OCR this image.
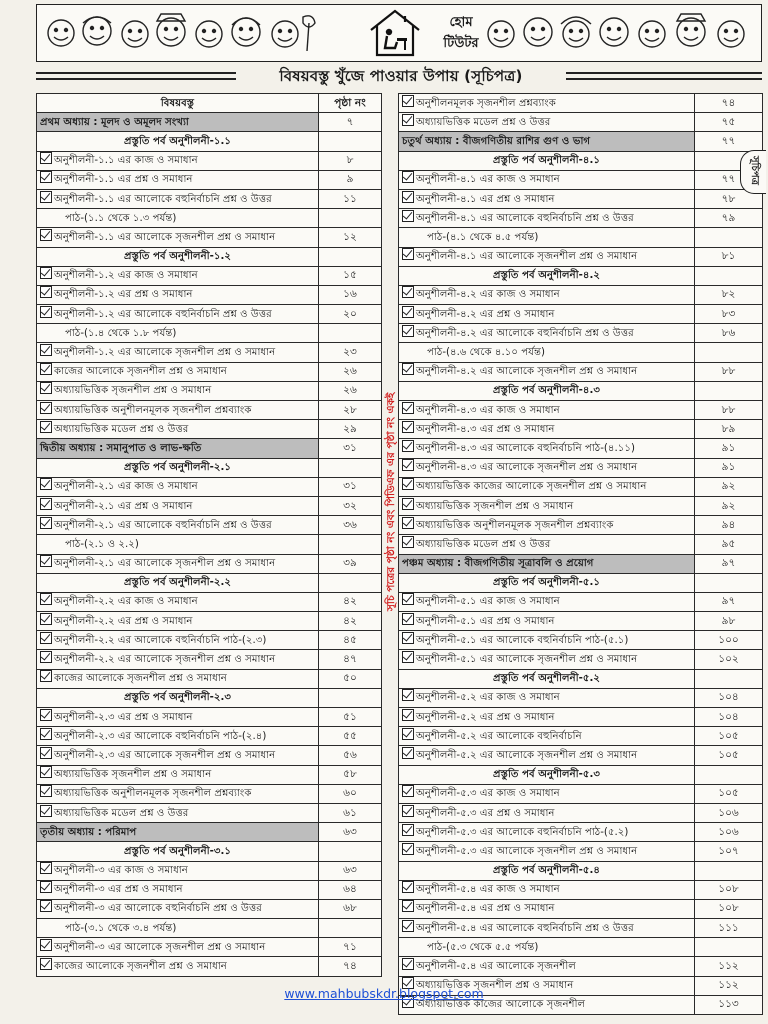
হোম
টিউটর
বিষয়বস্তু খুঁজে পাওয়ার উপায় (সূচিপত্র)
বিষয়বস্তু	পৃষ্ঠা নং
প্রথম অধ্যায় : মূলদ ও অমূলদ সংখ্যা	৭
প্রস্তুতি পর্ব অনুশীলনী-১.১	
অনুশীলনী-১.১ এর কাজ ও সমাধান	৮
অনুশীলনী-১.১ এর প্রশ্ন ও সমাধান	৯
অনুশীলনী-১.১ এর আলোকে বহুনির্বাচনি প্রশ্ন ও উত্তর	১১
পাঠ-(১.১ থেকে ১.৩ পর্যন্ত)	
অনুশীলনী-১.১ এর আলোকে সৃজনশীল প্রশ্ন ও সমাধান	১২
প্রস্তুতি পর্ব অনুশীলনী-১.২	
অনুশীলনী-১.২ এর কাজ ও সমাধান	১৫
অনুশীলনী-১.২ এর প্রশ্ন ও সমাধান	১৬
অনুশীলনী-১.২ এর আলোকে বহুনির্বাচনি প্রশ্ন ও উত্তর	২০
পাঠ-(১.৪ থেকে ১.৮ পর্যন্ত)	
অনুশীলনী-১.২ এর আলোকে সৃজনশীল প্রশ্ন ও সমাধান	২৩
কাজের আলোকে সৃজনশীল প্রশ্ন ও সমাধান	২৬
অধ্যায়ভিত্তিক সৃজনশীল প্রশ্ন ও সমাধান	২৬
অধ্যায়ভিত্তিক অনুশীলনমূলক সৃজনশীল প্রশ্নব্যাংক	২৮
অধ্যায়ভিত্তিক মডেল প্রশ্ন ও উত্তর	২৯
দ্বিতীয় অধ্যায় : সমানুপাত ও লাভ-ক্ষতি	৩১
প্রস্তুতি পর্ব অনুশীলনী-২.১	
অনুশীলনী-২.১ এর কাজ ও সমাধান	৩১
অনুশীলনী-২.১ এর প্রশ্ন ও সমাধান	৩২
অনুশীলনী-২.১ এর আলোকে বহুনির্বাচনি প্রশ্ন ও উত্তর	৩৬
পাঠ-(২.১ ও ২.২)	
অনুশীলনী-২.১ এর আলোকে সৃজনশীল প্রশ্ন ও সমাধান	৩৯
প্রস্তুতি পর্ব অনুশীলনী-২.২	
অনুশীলনী-২.২ এর কাজ ও সমাধান	৪২
অনুশীলনী-২.২ এর প্রশ্ন ও সমাধান	৪২
অনুশীলনী-২.২ এর আলোকে বহুনির্বাচনি পাঠ-(২.৩)	৪৫
অনুশীলনী-২.২ এর আলোকে সৃজনশীল প্রশ্ন ও সমাধান	৪৭
কাজের আলোকে সৃজনশীল প্রশ্ন ও সমাধান	৫০
প্রস্তুতি পর্ব অনুশীলনী-২.৩	
অনুশীলনী-২.৩ এর প্রশ্ন ও সমাধান	৫১
অনুশীলনী-২.৩ এর আলোকে বহুনির্বাচনি পাঠ-(২.৪)	৫৫
অনুশীলনী-২.৩ এর আলোকে সৃজনশীল প্রশ্ন ও সমাধান	৫৬
অধ্যায়ভিত্তিক সৃজনশীল প্রশ্ন ও সমাধান	৫৮
অধ্যায়ভিত্তিক অনুশীলনমূলক সৃজনশীল প্রশ্নব্যাংক	৬০
অধ্যায়ভিত্তিক মডেল প্রশ্ন ও উত্তর	৬১
তৃতীয় অধ্যায় : পরিমাপ	৬৩
প্রস্তুতি পর্ব অনুশীলনী-৩.১	
অনুশীলনী-৩ এর কাজ ও সমাধান	৬৩
অনুশীলনী-৩ এর প্রশ্ন ও সমাধান	৬৪
অনুশীলনী-৩ এর আলোকে বহুনির্বাচনি প্রশ্ন ও উত্তর	৬৮
পাঠ-(৩.১ থেকে ৩.৪ পর্যন্ত)	
অনুশীলনী-৩ এর আলোকে সৃজনশীল প্রশ্ন ও সমাধান	৭১
কাজের আলোকে সৃজনশীল প্রশ্ন ও সমাধান	৭৪
সূচি পত্রের পৃষ্ঠা নং এবং পিডিএফ এর পৃষ্ঠা নং একই
অনুশীলনমূলক সৃজনশীল প্রশ্নব্যাংক	৭৪
অধ্যায়ভিত্তিক মডেল প্রশ্ন ও উত্তর	৭৫
চতুর্থ অধ্যায় : বীজগণিতীয় রাশির গুণ ও ভাগ	৭৭
প্রস্তুতি পর্ব অনুশীলনী-৪.১	
অনুশীলনী-৪.১ এর কাজ ও সমাধান	৭৭
অনুশীলনী-৪.১ এর প্রশ্ন ও সমাধান	৭৮
অনুশীলনী-৪.১ এর আলোকে বহুনির্বাচনি প্রশ্ন ও উত্তর	৭৯
পাঠ-(৪.১ থেকে ৪.৫ পর্যন্ত)	
অনুশীলনী-৪.১ এর আলোকে সৃজনশীল প্রশ্ন ও সমাধান	৮১
প্রস্তুতি পর্ব অনুশীলনী-৪.২	
অনুশীলনী-৪.২ এর কাজ ও সমাধান	৮২
অনুশীলনী-৪.২ এর প্রশ্ন ও সমাধান	৮৩
অনুশীলনী-৪.২ এর আলোকে বহুনির্বাচনি প্রশ্ন ও উত্তর	৮৬
পাঠ-(৪.৬ থেকে ৪.১০ পর্যন্ত)	
অনুশীলনী-৪.২ এর আলোকে সৃজনশীল প্রশ্ন ও সমাধান	৮৮
প্রস্তুতি পর্ব অনুশীলনী-৪.৩	
অনুশীলনী-৪.৩ এর কাজ ও সমাধান	৮৮
অনুশীলনী-৪.৩ এর প্রশ্ন ও সমাধান	৮৯
অনুশীলনী-৪.৩ এর আলোকে বহুনির্বাচনি পাঠ-(৪.১১)	৯১
অনুশীলনী-৪.৩ এর আলোকে সৃজনশীল প্রশ্ন ও সমাধান	৯১
অধ্যায়ভিত্তিক কাজের আলোকে সৃজনশীল প্রশ্ন ও সমাধান	৯২
অধ্যায়ভিত্তিক সৃজনশীল প্রশ্ন ও সমাধান	৯২
অধ্যায়ভিত্তিক অনুশীলনমূলক সৃজনশীল প্রশ্নব্যাংক	৯৪
অধ্যায়ভিত্তিক মডেল প্রশ্ন ও উত্তর	৯৫
পঞ্চম অধ্যায় : বীজগণিতীয় সূত্রাবলি ও প্রয়োগ	৯৭
প্রস্তুতি পর্ব অনুশীলনী-৫.১	
অনুশীলনী-৫.১ এর কাজ ও সমাধান	৯৭
অনুশীলনী-৫.১ এর প্রশ্ন ও সমাধান	৯৮
অনুশীলনী-৫.১ এর আলোকে বহুনির্বাচনি পাঠ-(৫.১)	১০০
অনুশীলনী-৫.১ এর আলোকে সৃজনশীল প্রশ্ন ও সমাধান	১০২
প্রস্তুতি পর্ব অনুশীলনী-৫.২	
অনুশীলনী-৫.২ এর কাজ ও সমাধান	১০৪
অনুশীলনী-৫.২ এর প্রশ্ন ও সমাধান	১০৪
অনুশীলনী-৫.২ এর আলোকে বহুনির্বাচনি	১০৫
অনুশীলনী-৫.২ এর আলোকে সৃজনশীল প্রশ্ন ও সমাধান	১০৫
প্রস্তুতি পর্ব অনুশীলনী-৫.৩	
অনুশীলনী-৫.৩ এর কাজ ও সমাধান	১০৫
অনুশীলনী-৫.৩ এর প্রশ্ন ও সমাধান	১০৬
অনুশীলনী-৫.৩ এর আলোকে বহুনির্বাচনি পাঠ-(৫.২)	১০৬
অনুশীলনী-৫.৩ এর আলোকে সৃজনশীল প্রশ্ন ও সমাধান	১০৭
প্রস্তুতি পর্ব অনুশীলনী-৫.৪	
অনুশীলনী-৫.৪ এর কাজ ও সমাধান	১০৮
অনুশীলনী-৫.৪ এর প্রশ্ন ও সমাধান	১০৮
অনুশীলনী-৫.৪ এর আলোকে বহুনির্বাচনি প্রশ্ন ও উত্তর	১১১
পাঠ-(৫.৩ থেকে ৫.৫ পর্যন্ত)	
অনুশীলনী-৫.৪ এর আলোকে সৃজনশীল	১১২
অধ্যায়ভিত্তিক সৃজনশীল প্রশ্ন ও সমাধান	১১২
অধ্যায়ভিত্তিক কাজের আলোকে সৃজনশীল	১১৩
সূচিপত্র
www.mahbubskdr.blogspot.com
